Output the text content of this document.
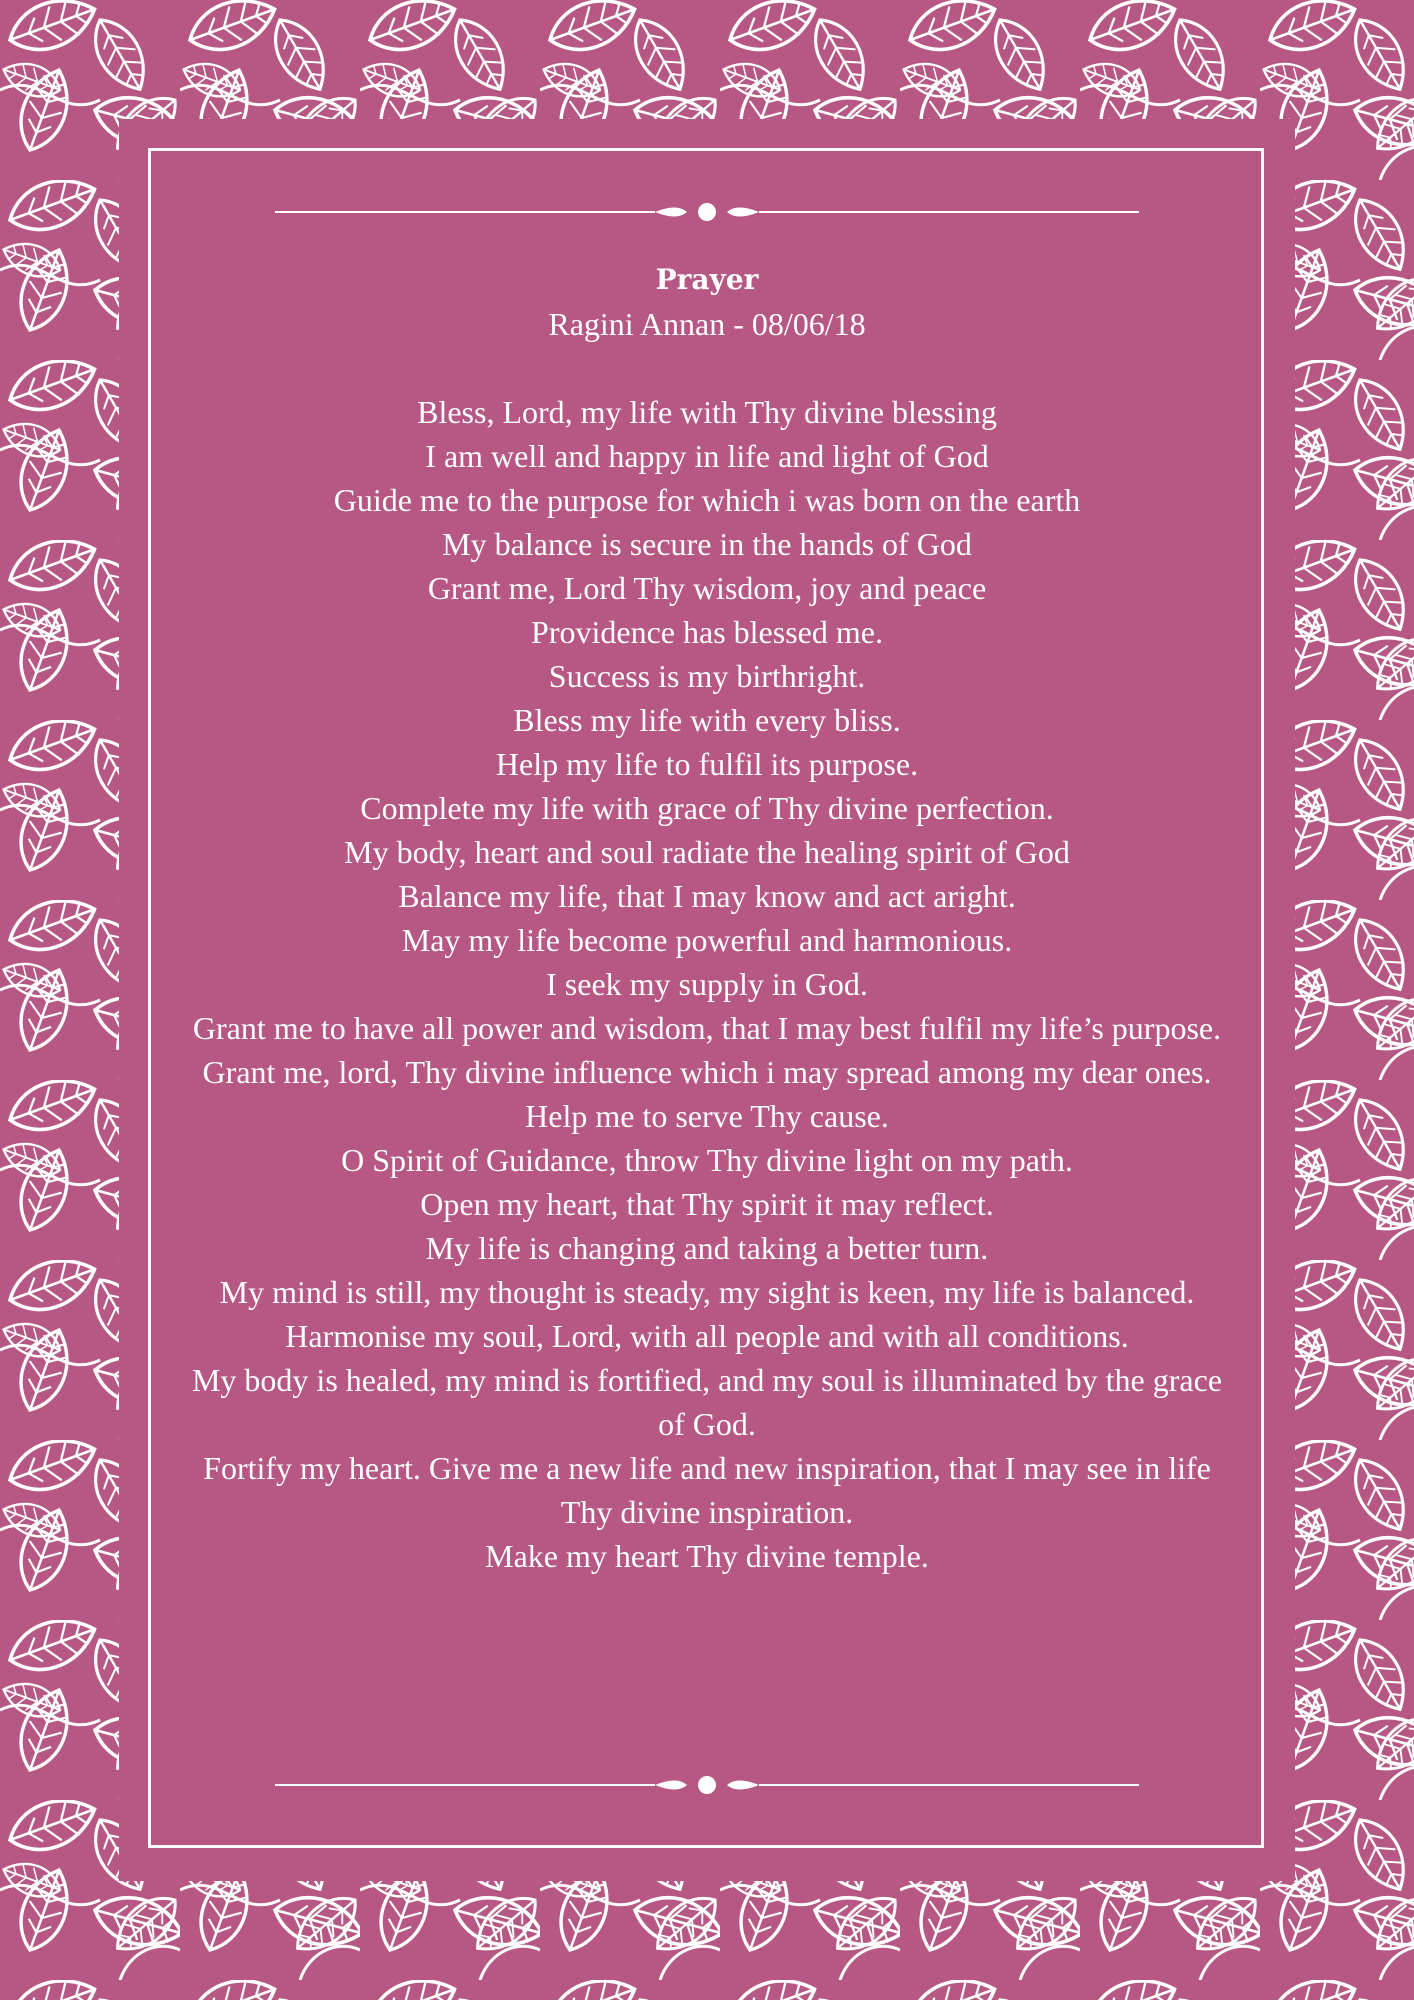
Prayer

Ragini Annan - 08/06/18

Bless, Lord, my life with Thy divine blessing
I am well and happy in life and light of God
Guide me to the purpose for which i was born on the earth
My balance is secure in the hands of God
Grant me, Lord Thy wisdom, joy and peace
Providence has blessed me.
Success is my birthright.
Bless my life with every bliss.
Help my life to fulfil its purpose.
Complete my life with grace of Thy divine perfection.
My body, heart and soul radiate the healing spirit of God
Balance my life, that I may know and act aright.
May my life become powerful and harmonious.
I seek my supply in God.
Grant me to have all power and wisdom, that I may best fulfil my life’s purpose.
Grant me, lord, Thy divine influence which i may spread among my dear ones.
Help me to serve Thy cause.
O Spirit of Guidance, throw Thy divine light on my path.
Open my heart, that Thy spirit it may reflect.
My life is changing and taking a better turn.
My mind is still, my thought is steady, my sight is keen, my life is balanced.
Harmonise my soul, Lord, with all people and with all conditions.
My body is healed, my mind is fortified, and my soul is illuminated by the grace of God.
Fortify my heart. Give me a new life and new inspiration, that I may see in life Thy divine inspiration.
Make my heart Thy divine temple.
